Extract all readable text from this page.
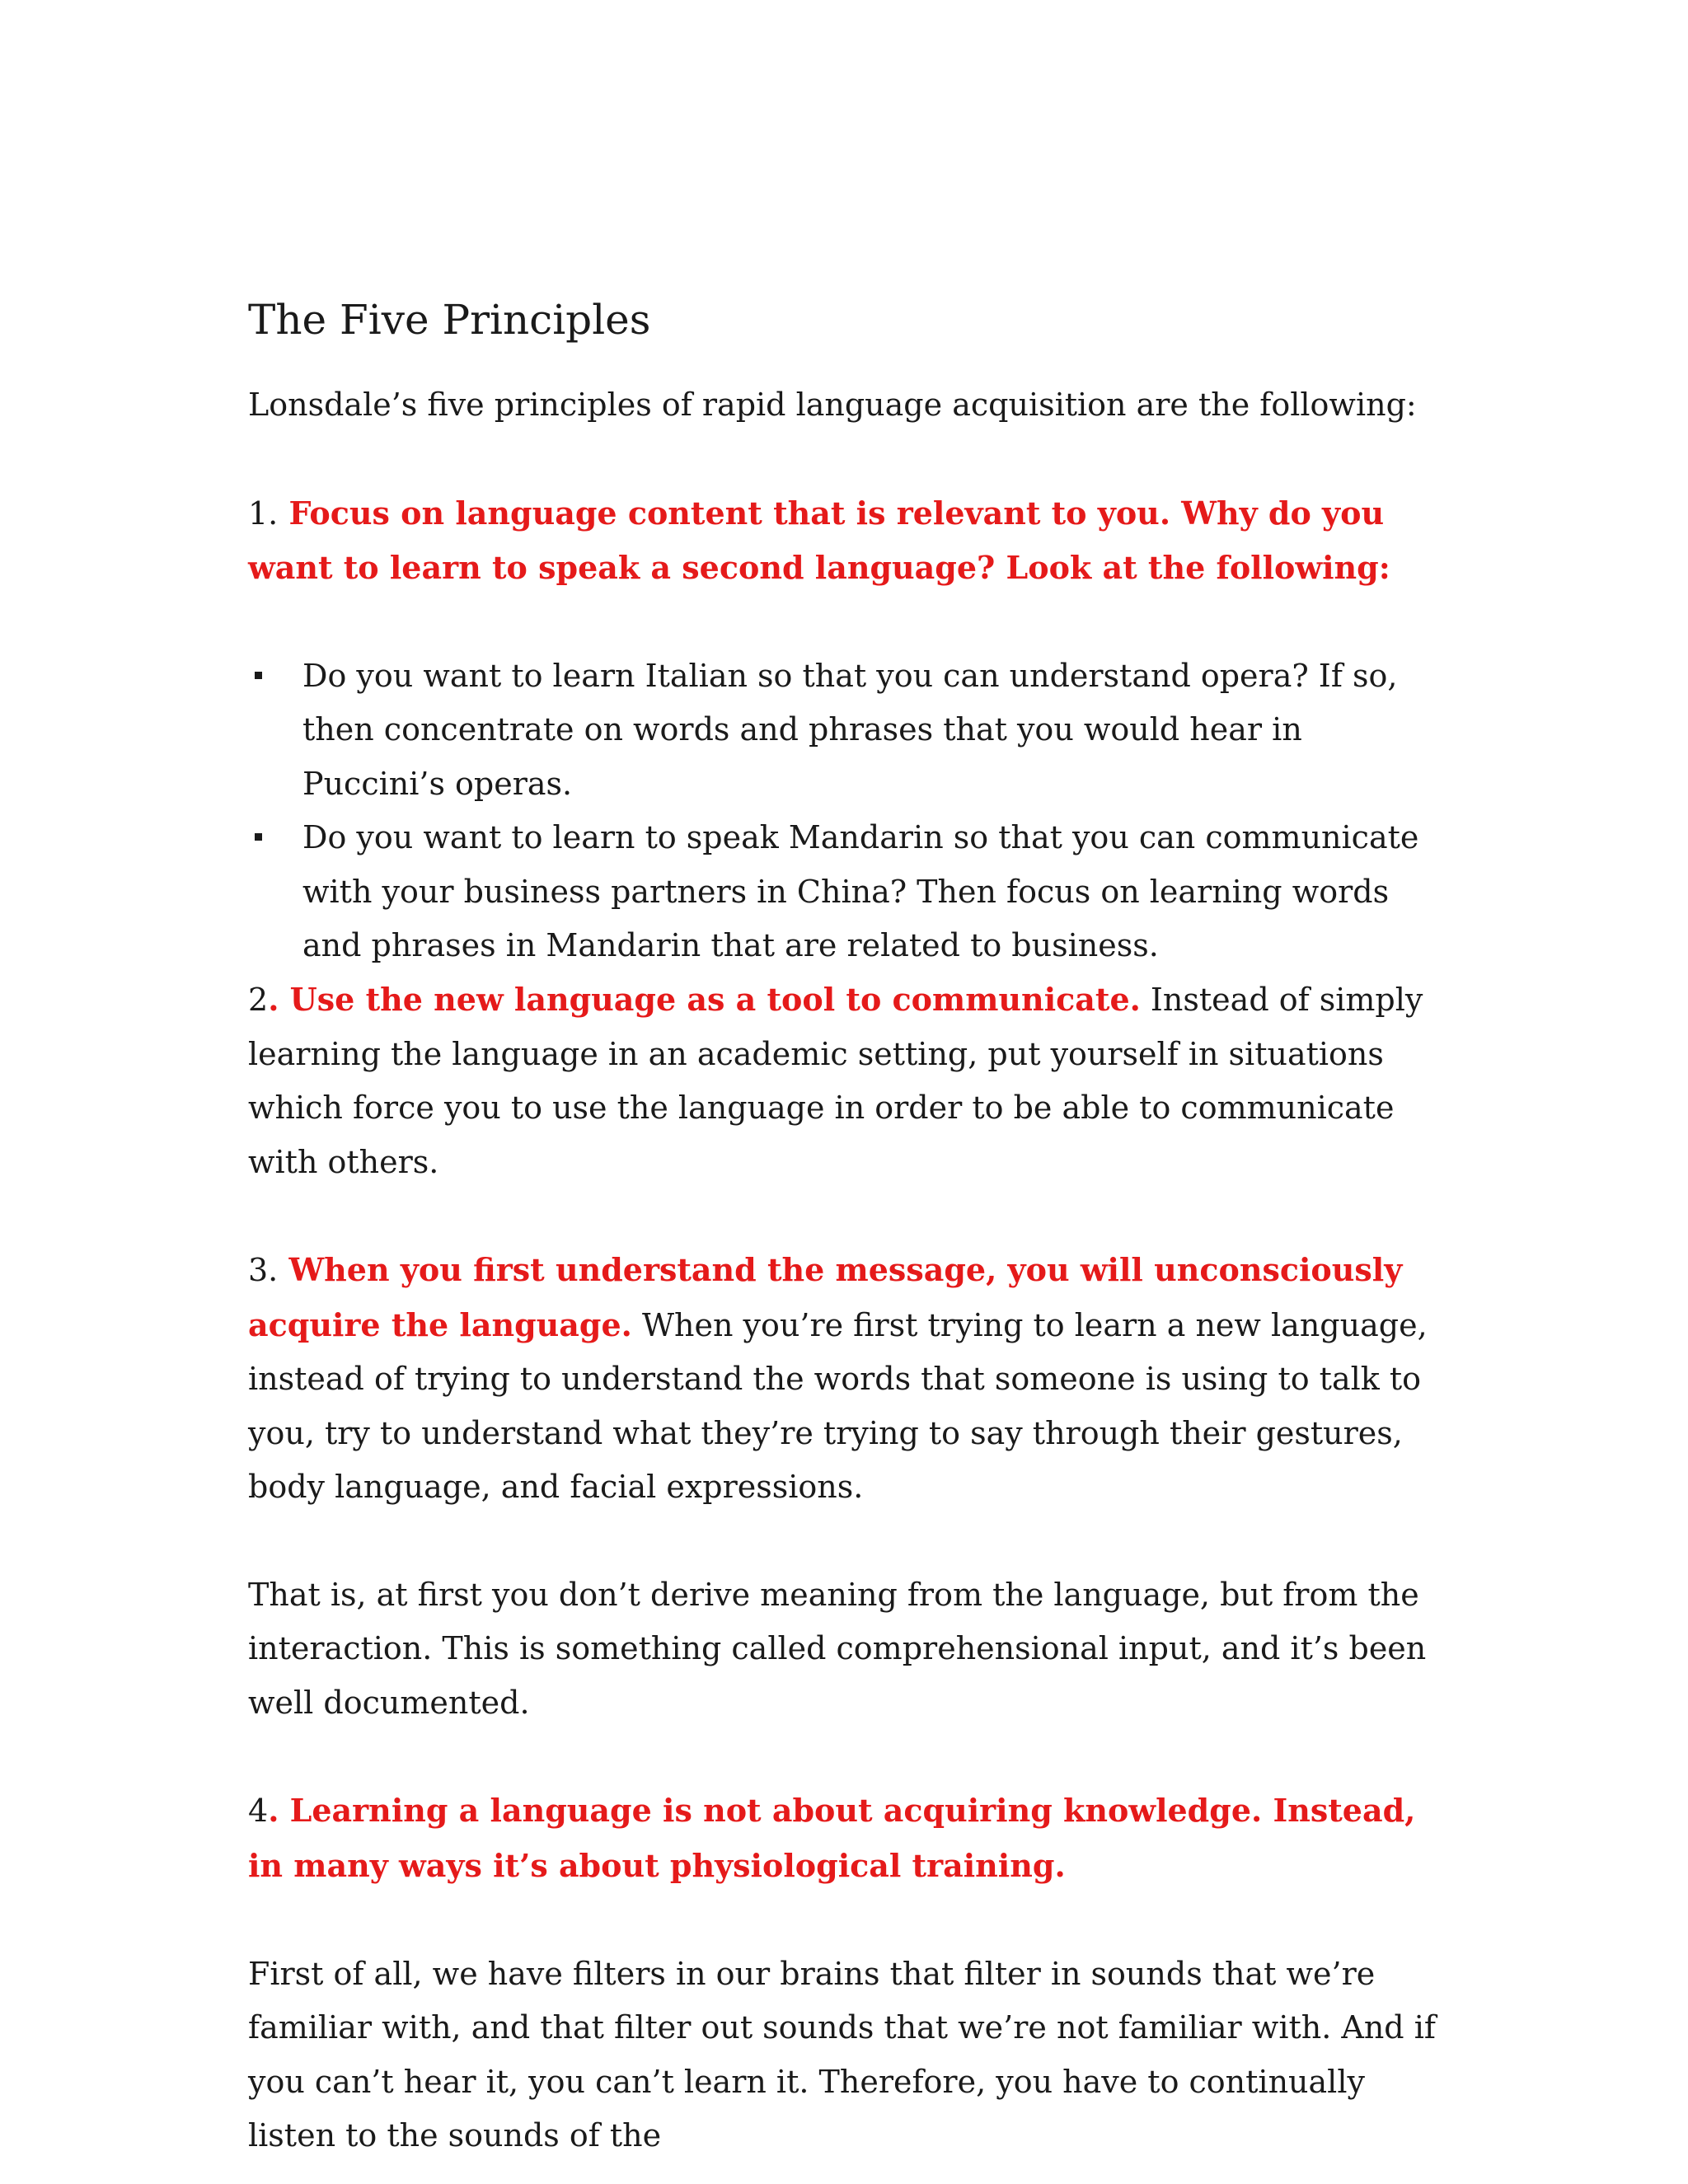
The Five Principles

Lonsdale’s five principles of rapid language acquisition are the following:

1. Focus on language content that is relevant to you. Why do you want to learn to speak a second language? Look at the following:

Do you want to learn Italian so that you can understand opera? If so, then concentrate on words and phrases that you would hear in Puccini’s operas.
Do you want to learn to speak Mandarin so that you can communicate with your business partners in China? Then focus on learning words and phrases in Mandarin that are related to business.

2. Use the new language as a tool to communicate. Instead of simply learning the language in an academic setting, put yourself in situations which force you to use the language in order to be able to communicate with others.

3. When you first understand the message, you will unconsciously acquire the language. When you’re first trying to learn a new language, instead of trying to understand the words that someone is using to talk to you, try to understand what they’re trying to say through their gestures, body language, and facial expressions.

That is, at first you don’t derive meaning from the language, but from the interaction. This is something called comprehensional input, and it’s been well documented.

4. Learning a language is not about acquiring knowledge. Instead, in many ways it’s about physiological training.

First of all, we have filters in our brains that filter in sounds that we’re familiar with, and that filter out sounds that we’re not familiar with. And if you can’t hear it, you can’t learn it. Therefore, you have to continually listen to the sounds of the
